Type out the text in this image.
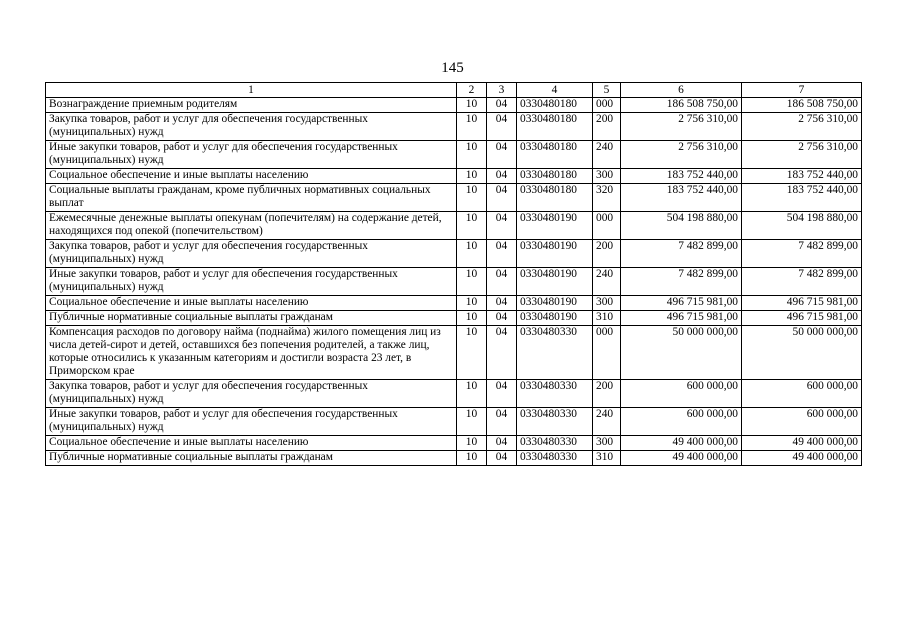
145
1	2	3	4	5	6	7
Вознаграждение приемным родителям	10	04	0330480180	000	186 508 750,00	186 508 750,00
Закупка товаров, работ и услуг для обеспечения государственных (муниципальных) нужд	10	04	0330480180	200	2 756 310,00	2 756 310,00
Иные закупки товаров, работ и услуг для обеспечения государственных (муниципальных) нужд	10	04	0330480180	240	2 756 310,00	2 756 310,00
Социальное обеспечение и иные выплаты населению	10	04	0330480180	300	183 752 440,00	183 752 440,00
Социальные выплаты гражданам, кроме публичных нормативных социальных выплат	10	04	0330480180	320	183 752 440,00	183 752 440,00
Ежемесячные денежные выплаты опекунам (попечителям) на содержание детей, находящихся под опекой (попечительством)	10	04	0330480190	000	504 198 880,00	504 198 880,00
Закупка товаров, работ и услуг для обеспечения государственных (муниципальных) нужд	10	04	0330480190	200	7 482 899,00	7 482 899,00
Иные закупки товаров, работ и услуг для обеспечения государственных (муниципальных) нужд	10	04	0330480190	240	7 482 899,00	7 482 899,00
Социальное обеспечение и иные выплаты населению	10	04	0330480190	300	496 715 981,00	496 715 981,00
Публичные нормативные социальные выплаты гражданам	10	04	0330480190	310	496 715 981,00	496 715 981,00
Компенсация расходов по договору найма (поднайма) жилого помещения лиц из числа детей-сирот и детей, оставшихся без попечения родителей, а также лиц, которые относились к указанным категориям и достигли возраста 23 лет, в Приморском крае	10	04	0330480330	000	50 000 000,00	50 000 000,00
Закупка товаров, работ и услуг для обеспечения государственных (муниципальных) нужд	10	04	0330480330	200	600 000,00	600 000,00
Иные закупки товаров, работ и услуг для обеспечения государственных (муниципальных) нужд	10	04	0330480330	240	600 000,00	600 000,00
Социальное обеспечение и иные выплаты населению	10	04	0330480330	300	49 400 000,00	49 400 000,00
Публичные нормативные социальные выплаты гражданам	10	04	0330480330	310	49 400 000,00	49 400 000,00
